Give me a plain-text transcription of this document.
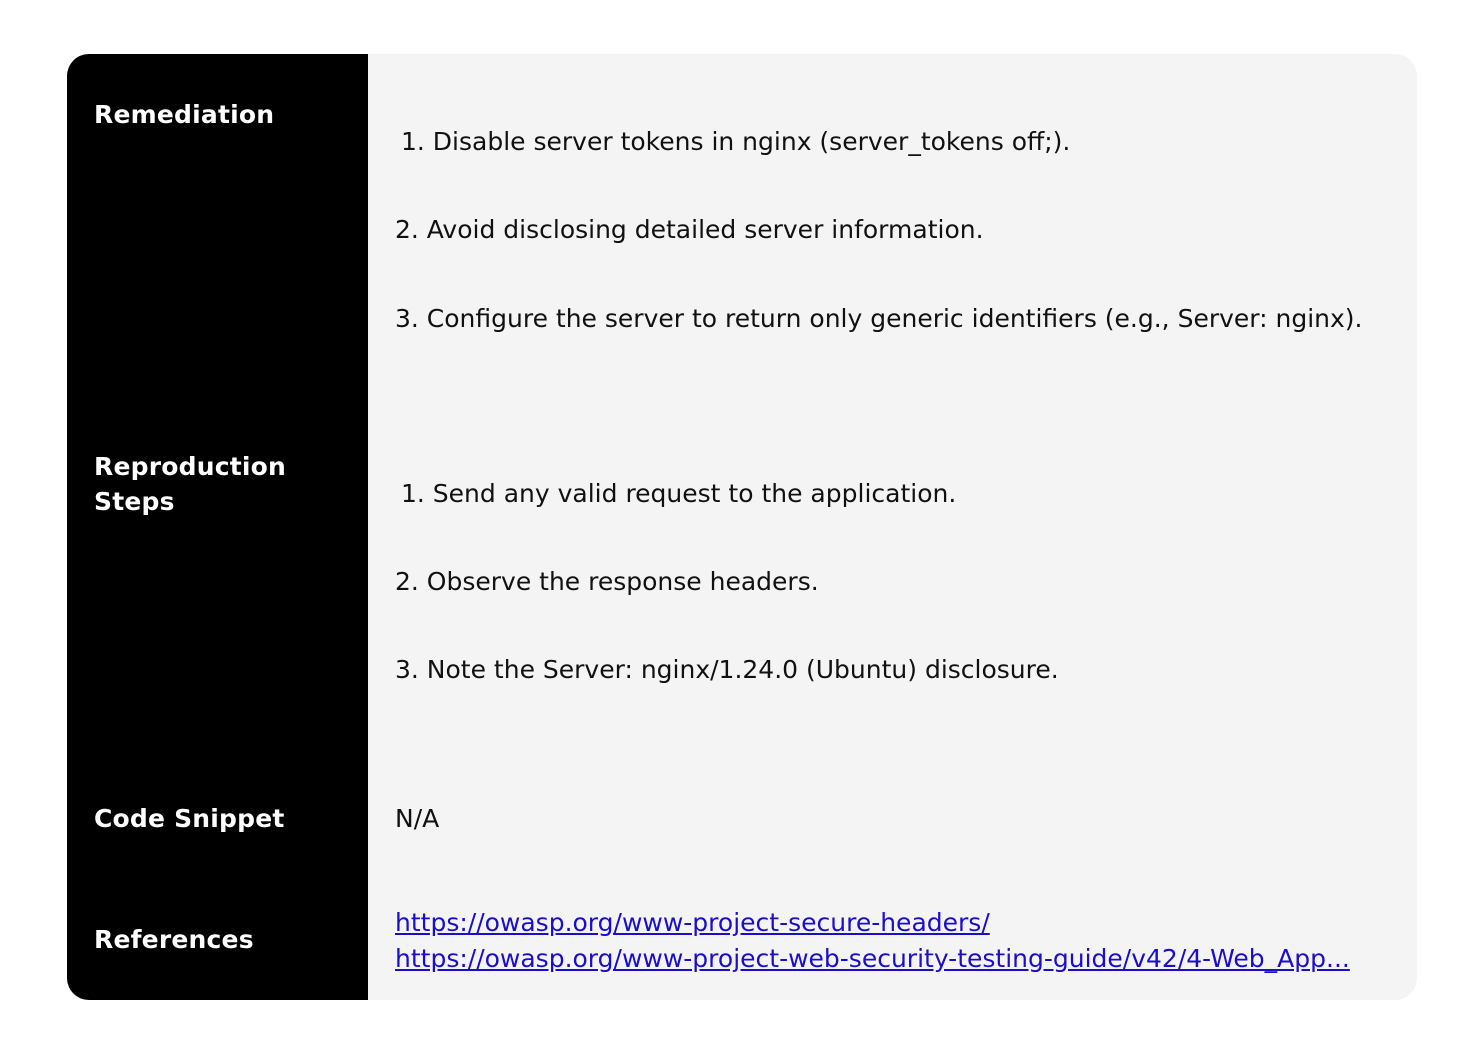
Remediation
Reproduction Steps
Code Snippet
References
1. Disable server tokens in nginx (server_tokens off;).
2. Avoid disclosing detailed server information.
3. Configure the server to return only generic identifiers (e.g., Server: nginx).
1. Send any valid request to the application.
2. Observe the response headers.
3. Note the Server: nginx/1.24.0 (Ubuntu) disclosure.
N/A
https://owasp.org/www-project-secure-headers/
https://owasp.org/www-project-web-security-testing-guide/v42/4-Web_App...
